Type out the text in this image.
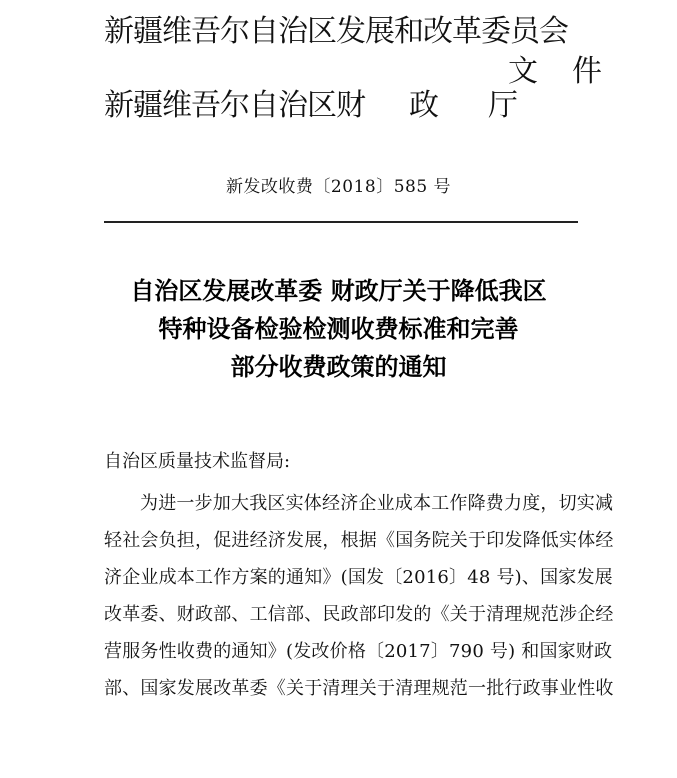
新疆维吾尔自治区发展和改革委员会
新疆维吾尔自治区财 政 厅
文件
新发改收费〔2018〕585 号
自治区发展改革委 财政厅关于降低我区
特种设备检验检测收费标准和完善
部分收费政策的通知
自治区质量技术监督局:
为进一步加大我区实体经济企业成本工作降费力度，切实减
轻社会负担，促进经济发展，根据《国务院关于印发降低实体经
济企业成本工作方案的通知》(国发〔2016〕48 号)、国家发展
改革委、财政部、工信部、民政部印发的《关于清理规范涉企经
营服务性收费的通知》(发改价格〔2017〕790 号) 和国家财政
部、国家发展改革委《关于清理关于清理规范一批行政事业性收
